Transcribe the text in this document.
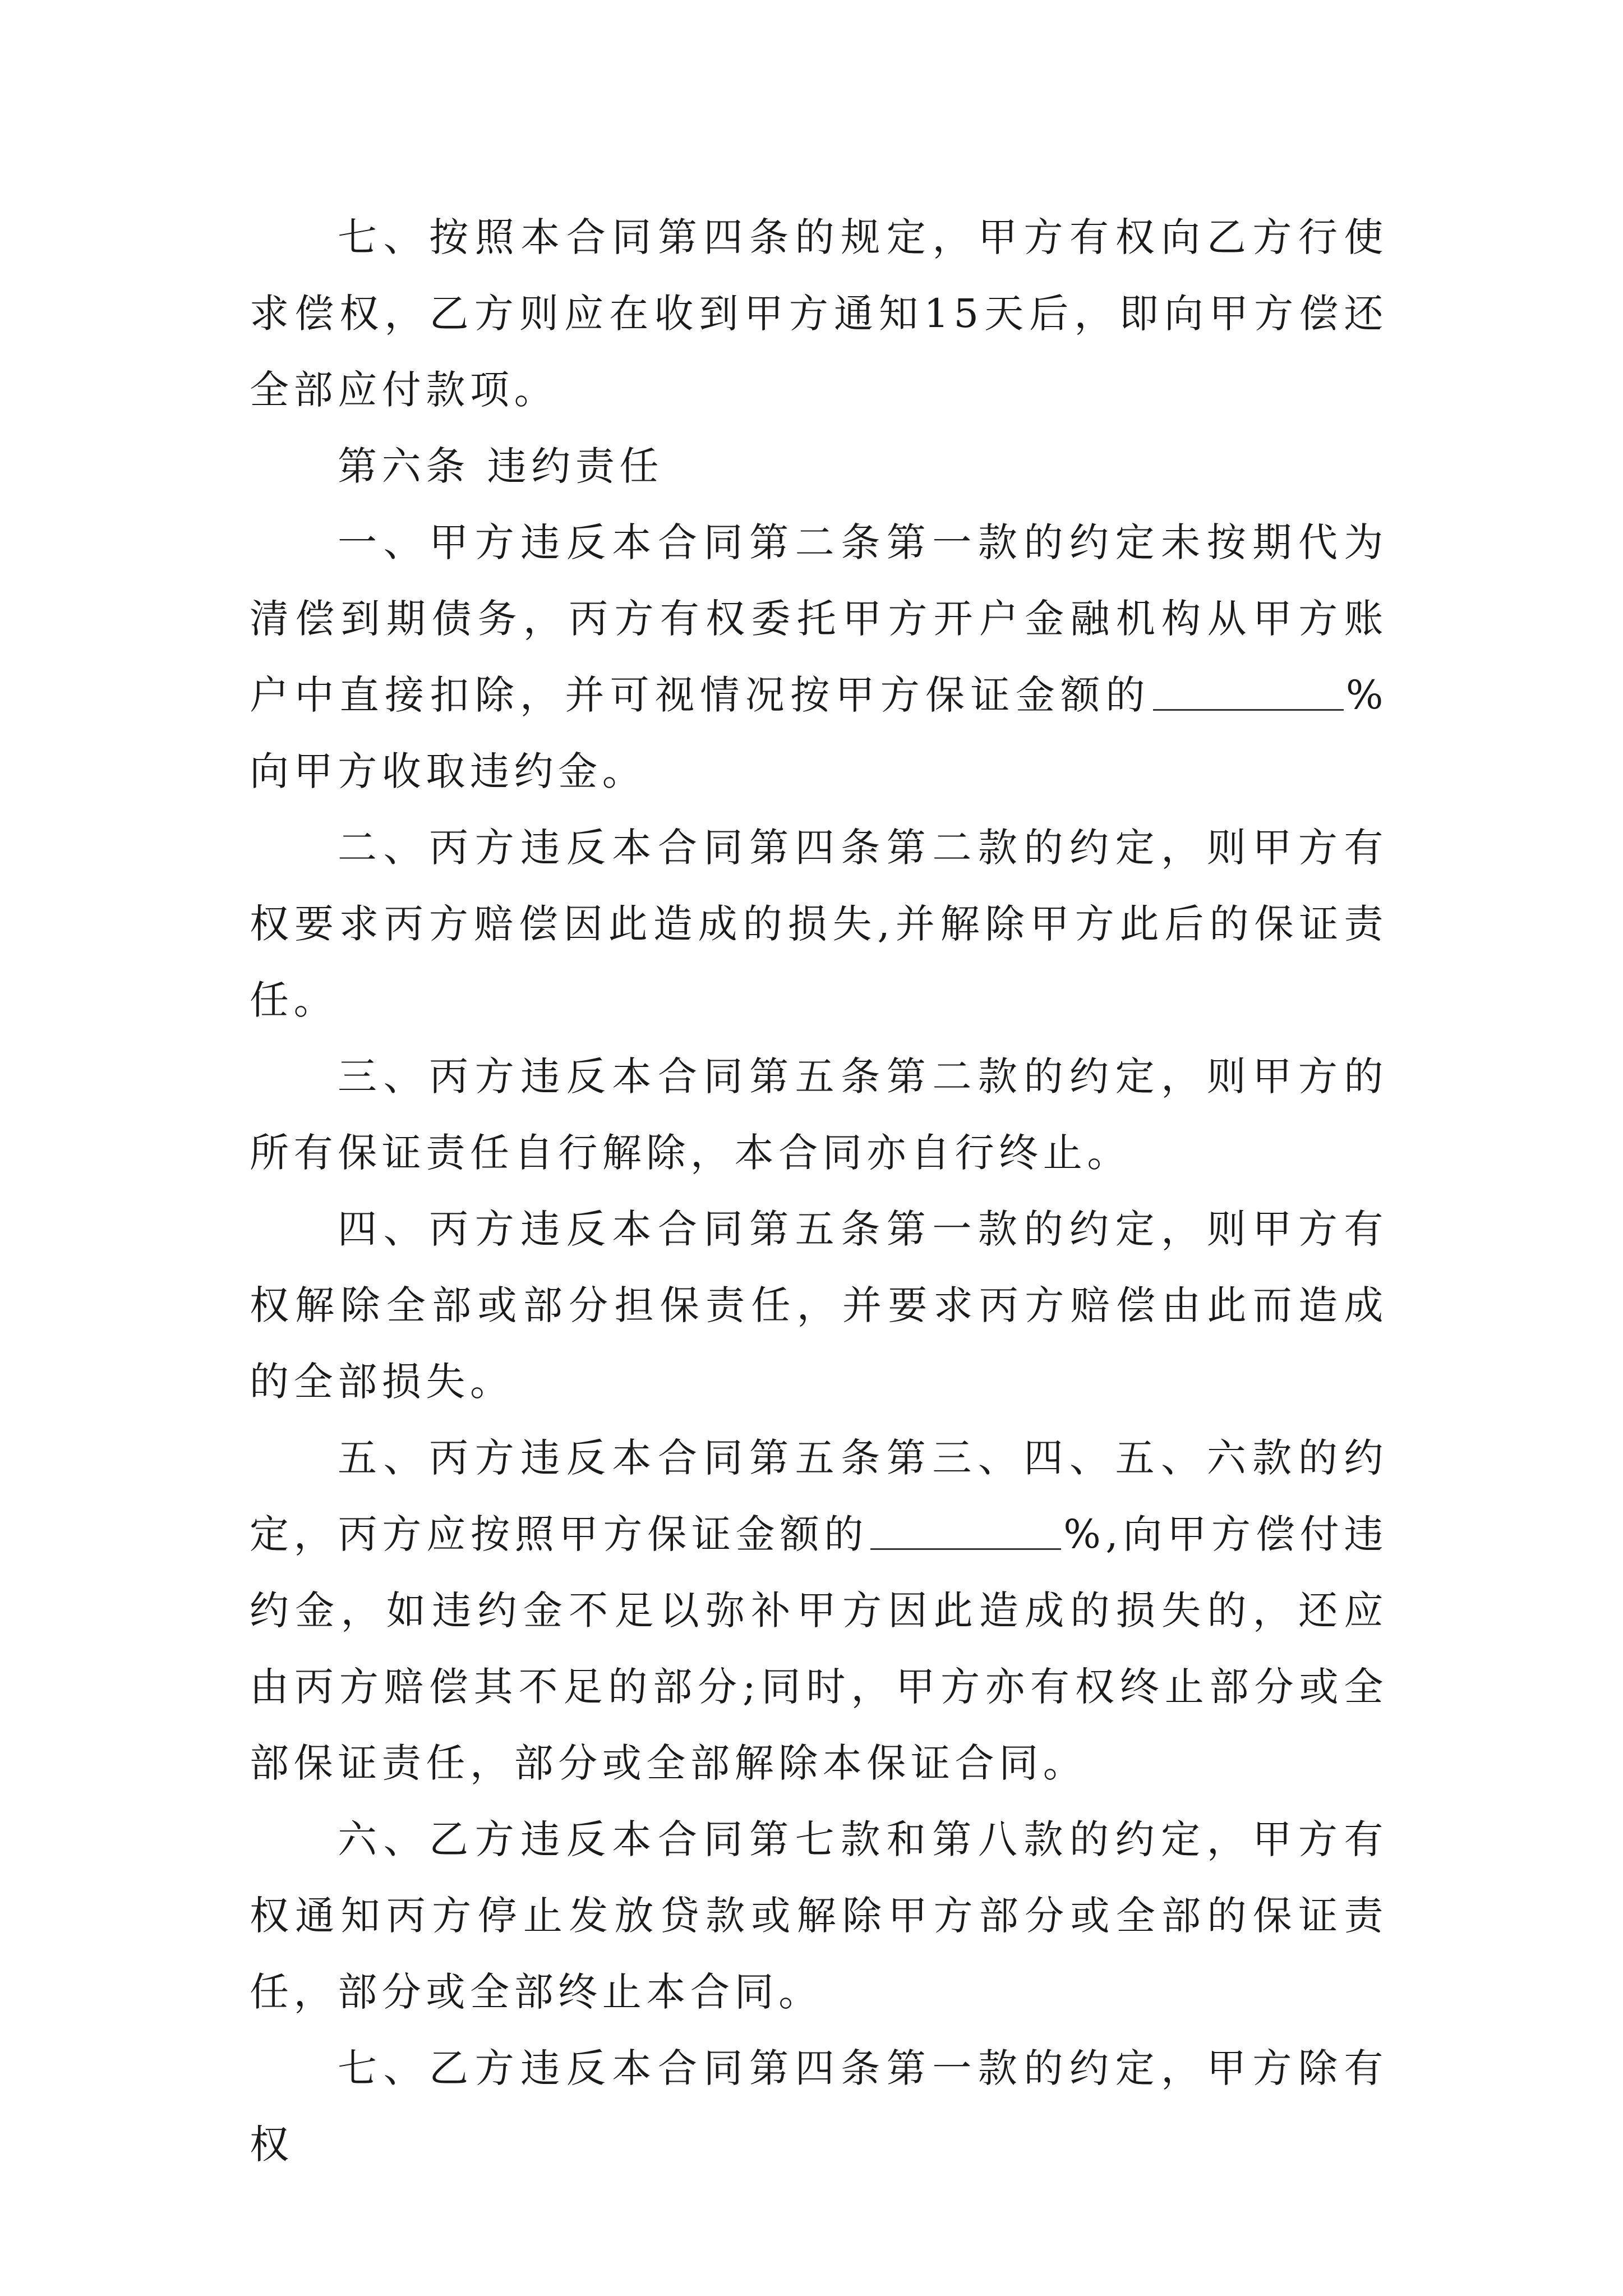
七、按照本合同第四条的规定，甲方有权向乙方行使求偿权，乙方则应在收到甲方通知15天后，即向甲方偿还全部应付款项。

第六条 违约责任

一、甲方违反本合同第二条第一款的约定未按期代为清偿到期债务，丙方有权委托甲方开户金融机构从甲方账户中直接扣除，并可视情况按甲方保证金额的	%向甲方收取违约金。

二、丙方违反本合同第四条第二款的约定，则甲方有权要求丙方赔偿因此造成的损失,并解除甲方此后的保证责任。

三、丙方违反本合同第五条第二款的约定，则甲方的所有保证责任自行解除，本合同亦自行终止。

四、丙方违反本合同第五条第一款的约定，则甲方有权解除全部或部分担保责任，并要求丙方赔偿由此而造成的全部损失。

五、丙方违反本合同第五条第三、四、五、六款的约定，丙方应按照甲方保证金额的	%,向甲方偿付违约金，如违约金不足以弥补甲方因此造成的损失的，还应由丙方赔偿其不足的部分;同时，甲方亦有权终止部分或全部保证责任，部分或全部解除本保证合同。

六、乙方违反本合同第七款和第八款的约定，甲方有权通知丙方停止发放贷款或解除甲方部分或全部的保证责任，部分或全部终止本合同。

七、乙方违反本合同第四条第一款的约定，甲方除有权
